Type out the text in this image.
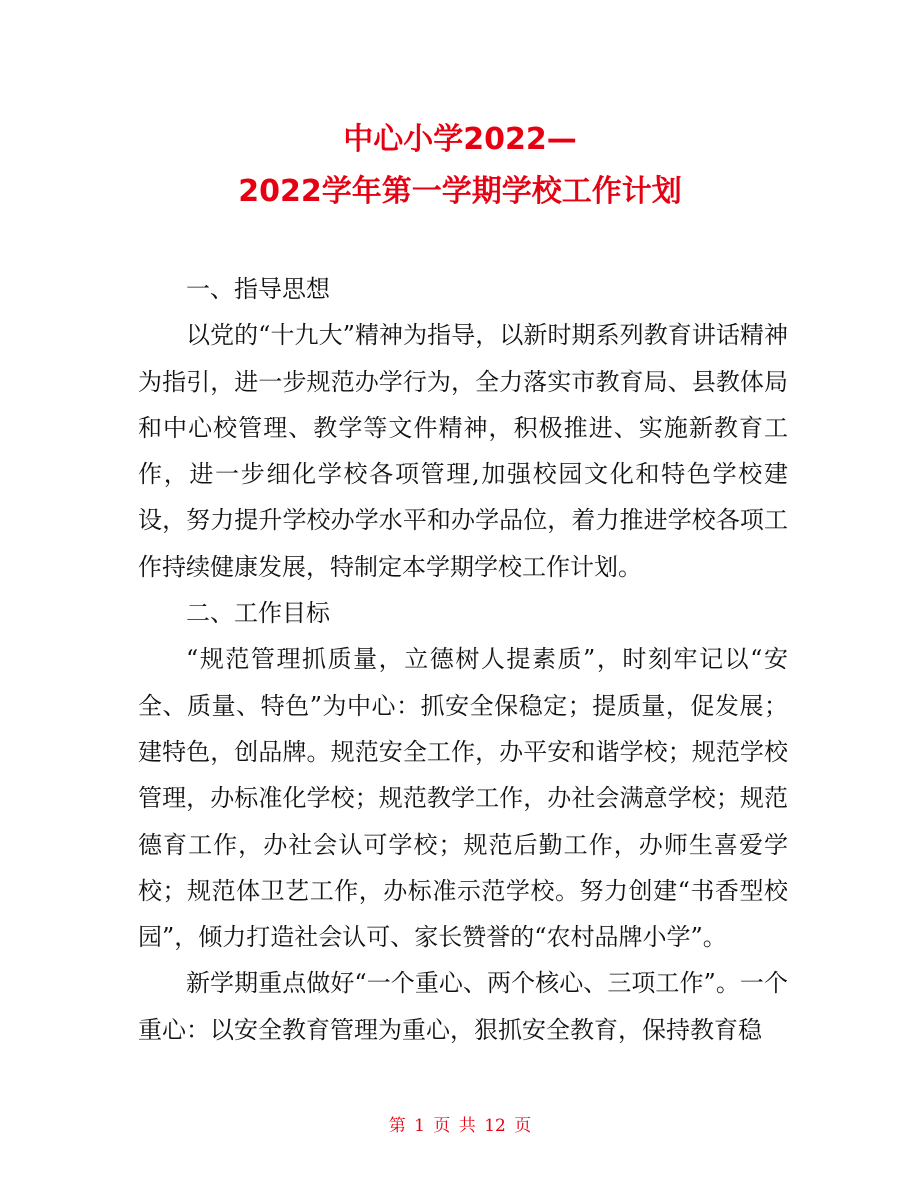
中心小学2022—
2022学年第一学期学校工作计划

一、指导思想

以党的“十九大”精神为指导，以新时期系列教育讲话精神为指引，进一步规范办学行为，全力落实市教育局、县教体局和中心校管理、教学等文件精神，积极推进、实施新教育工作，进一步细化学校各项管理,加强校园文化和特色学校建设，努力提升学校办学水平和办学品位，着力推进学校各项工作持续健康发展，特制定本学期学校工作计划。

二、工作目标

“规范管理抓质量，立德树人提素质”，时刻牢记以“安全、质量、特色”为中心：抓安全保稳定；提质量，促发展；建特色，创品牌。规范安全工作，办平安和谐学校；规范学校管理，办标准化学校；规范教学工作，办社会满意学校；规范德育工作，办社会认可学校；规范后勤工作，办师生喜爱学校；规范体卫艺工作，办标准示范学校。努力创建“书香型校园”，倾力打造社会认可、家长赞誉的“农村品牌小学”。

新学期重点做好“一个重心、两个核心、三项工作”。一个重心：以安全教育管理为重心，狠抓安全教育，保持教育稳

第 1 页 共 12 页
